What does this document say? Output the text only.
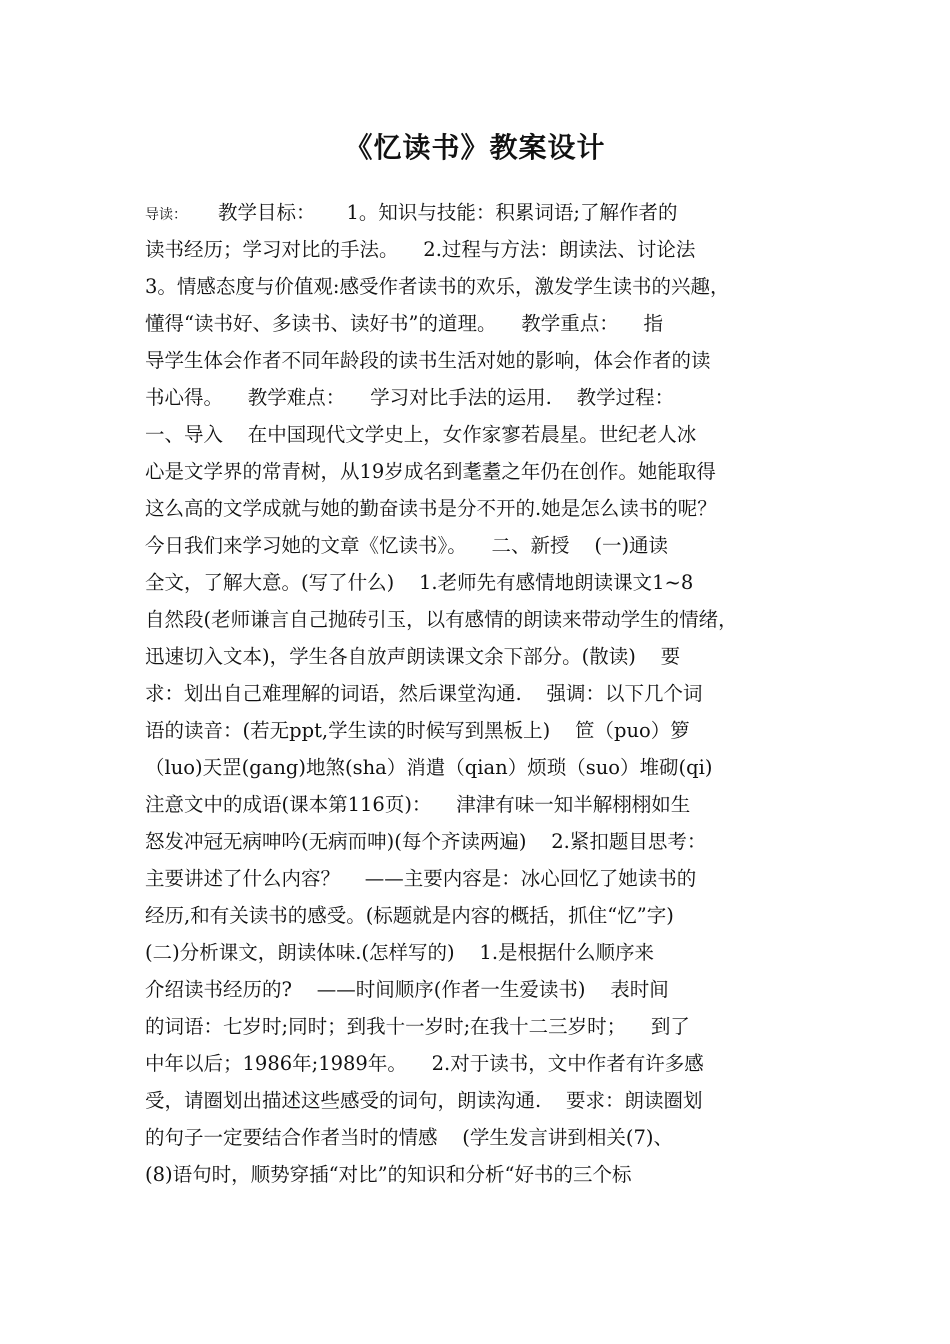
《忆读书》教案设计
导读：     教学目标：     1。知识与技能：积累词语;了解作者的
读书经历；学习对比的手法。    2.过程与方法：朗读法、讨论法
3。情感态度与价值观:感受作者读书的欢乐，激发学生读书的兴趣，
懂得“读书好、多读书、读好书”的道理。    教学重点：    指
导学生体会作者不同年龄段的读书生活对她的影响，体会作者的读
书心得。    教学难点：    学习对比手法的运用.    教学过程：
一、导入    在中国现代文学史上，女作家寥若晨星。世纪老人冰
心是文学界的常青树，从19岁成名到耄耋之年仍在创作。她能取得
这么高的文学成就与她的勤奋读书是分不开的.她是怎么读书的呢？
今日我们来学习她的文章《忆读书》。    二、新授    (一)通读
全文，了解大意。(写了什么)    1.老师先有感情地朗读课文1~8
自然段(老师谦言自己抛砖引玉，以有感情的朗读来带动学生的情绪，
迅速切入文本)，学生各自放声朗读课文余下部分。(散读)    要
求：划出自己难理解的词语，然后课堂沟通.    强调：以下几个词
语的读音：(若无ppt,学生读的时候写到黑板上)    笸（puo）箩
（luo)天罡(gang)地煞(sha）消遣（qian）烦琐（suo）堆砌(qi)
注意文中的成语(课本第116页)：    津津有味一知半解栩栩如生
怒发冲冠无病呻吟(无病而呻)(每个齐读两遍)    2.紧扣题目思考：
主要讲述了什么内容？    ——主要内容是：冰心回忆了她读书的
经历,和有关读书的感受。(标题就是内容的概括，抓住“忆”字)
(二)分析课文，朗读体味.(怎样写的)    1.是根据什么顺序来
介绍读书经历的?    ——时间顺序(作者一生爱读书)    表时间
的词语：七岁时;同时；到我十一岁时;在我十二三岁时；    到了
中年以后；1986年;1989年。    2.对于读书，文中作者有许多感
受，请圈划出描述这些感受的词句，朗读沟通.    要求：朗读圈划
的句子一定要结合作者当时的情感    (学生发言讲到相关(7)、
(8)语句时，顺势穿插“对比”的知识和分析“好书的三个标
